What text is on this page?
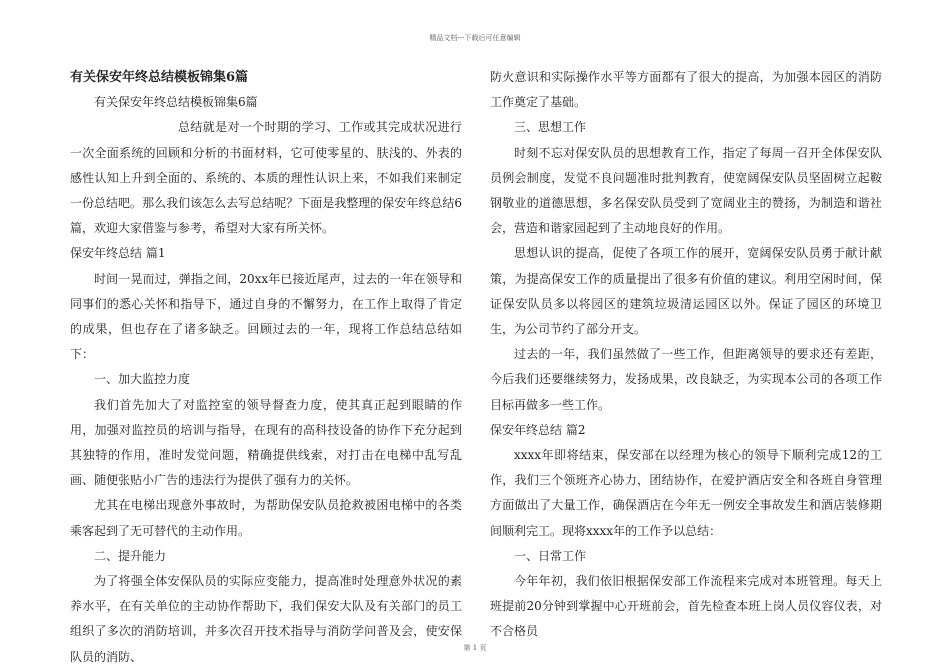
精品文档---下载后可任意编辑

有关保安年终总结模板锦集6篇

有关保安年终总结模板锦集6篇

总结就是对一个时期的学习、工作或其完成状况进行一次全面系统的回顾和分析的书面材料，它可使零星的、肤浅的、外表的感性认知上升到全面的、系统的、本质的理性认识上来，不如我们来制定一份总结吧。那么我们该怎么去写总结呢？下面是我整理的保安年终总结6篇，欢迎大家借鉴与参考，希望对大家有所关怀。

保安年终总结 篇1

时间一晃而过，弹指之间，20xx年已接近尾声，过去的一年在领导和同事们的悉心关怀和指导下，通过自身的不懈努力，在工作上取得了肯定的成果，但也存在了诸多缺乏。回顾过去的一年，现将工作总结总结如下：

一、加大监控力度

我们首先加大了对监控室的领导督查力度，使其真正起到眼睛的作用，加强对监控员的培训与指导，在现有的高科技设备的协作下充分起到其独特的作用，准时发觉问题，精确提供线索，对打击在电梯中乱写乱画、随便张贴小广告的违法行为提供了强有力的关怀。

尤其在电梯出现意外事故时，为帮助保安队员抢救被困电梯中的各类乘客起到了无可替代的主动作用。

二、提升能力

为了将强全体安保队员的实际应变能力，提高准时处理意外状况的素养水平，在有关单位的主动协作帮助下，我们保安大队及有关部门的员工组织了多次的消防培训，并多次召开技术指导与消防学问普及会，使安保队员的消防、

防火意识和实际操作水平等方面都有了很大的提高，为加强本园区的消防工作奠定了基础。

三、思想工作

时刻不忘对保安队员的思想教育工作，指定了每周一召开全体保安队员例会制度，发觉不良问题准时批判教育，使宽阔保安队员坚固树立起鞍钢敬业的道德思想，多名保安队员受到了宽阔业主的赞扬，为制造和谐社会，营造和谐家园起到了主动地良好的作用。

思想认识的提高，促使了各项工作的展开，宽阔保安队员勇于献计献策，为提高保安工作的质量提出了很多有价值的建议。利用空闲时间，保证保安队员多以将园区的建筑垃圾清运园区以外。保证了园区的环境卫生，为公司节约了部分开支。

过去的一年，我们虽然做了一些工作，但距离领导的要求还有差距，今后我们还要继续努力，发扬成果，改良缺乏，为实现本公司的各项工作目标再做多一些工作。

保安年终总结 篇2

xxxx年即将结束，保安部在以经理为核心的领导下顺利完成12的工作，我们三个领班齐心协力，团结协作，在爱护酒店安全和各班自身管理方面做出了大量工作，确保酒店在今年无一例安全事故发生和酒店装修期间顺利完工。现将xxxx年的工作予以总结：

一、日常工作

今年年初，我们依旧根据保安部工作流程来完成对本班管理。每天上班提前20分钟到掌握中心开班前会，首先检查本班上岗人员仪容仪表，对不合格员

第 1 页
